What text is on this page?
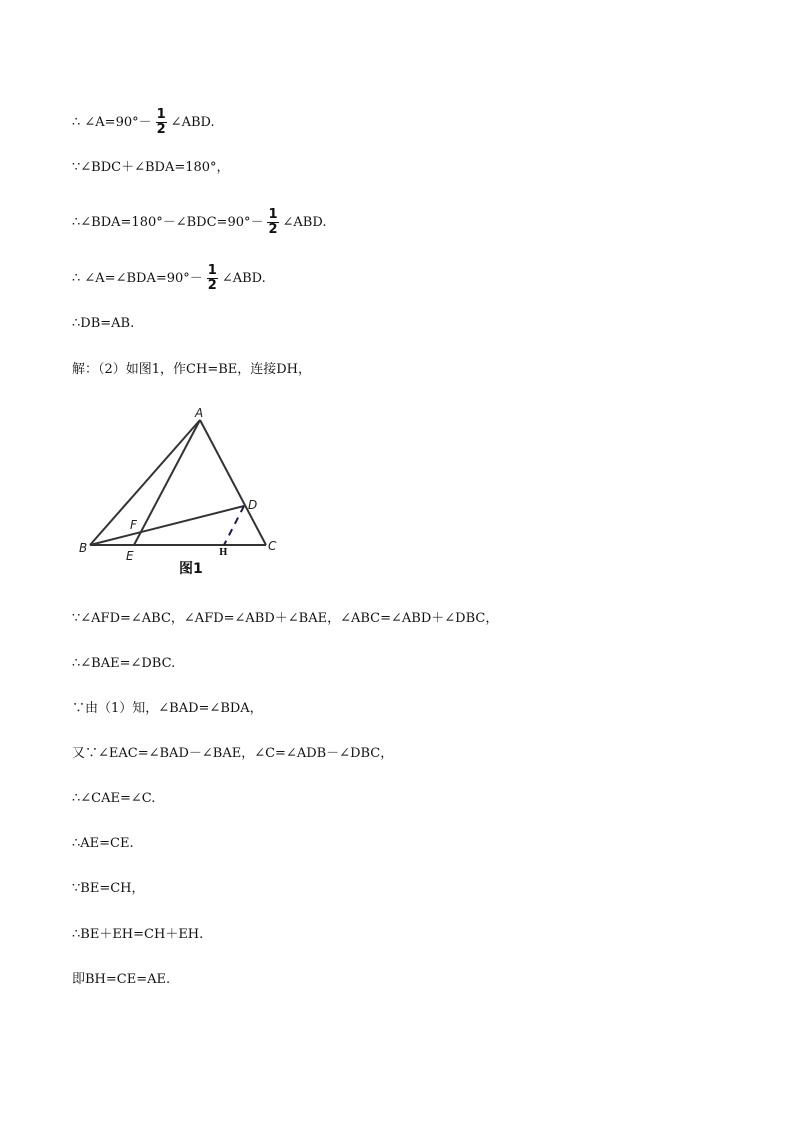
∴ ∠A=90°－ $\frac{1}{2}$ ∠ABD.
∵∠BDC＋∠BDA=180°，
∴∠BDA=180°－∠BDC=90°－ $\frac{1}{2}$ ∠ABD.
∴ ∠A=∠BDA=90°－ $\frac{1}{2}$ ∠ABD.
∴DB=AB.
解：（2）如图1，作CH=BE，连接DH，
A
B	C
D
E
F
H
图1
∵∠AFD=∠ABC，∠AFD=∠ABD＋∠BAE，∠ABC=∠ABD＋∠DBC，
∴∠BAE=∠DBC.
∵由（1）知，∠BAD=∠BDA，
又∵∠EAC=∠BAD－∠BAE，∠C=∠ADB－∠DBC，
∴∠CAE=∠C.
∴AE=CE.
∵BE=CH，
∴BE＋EH=CH＋EH.
即BH=CE=AE.
